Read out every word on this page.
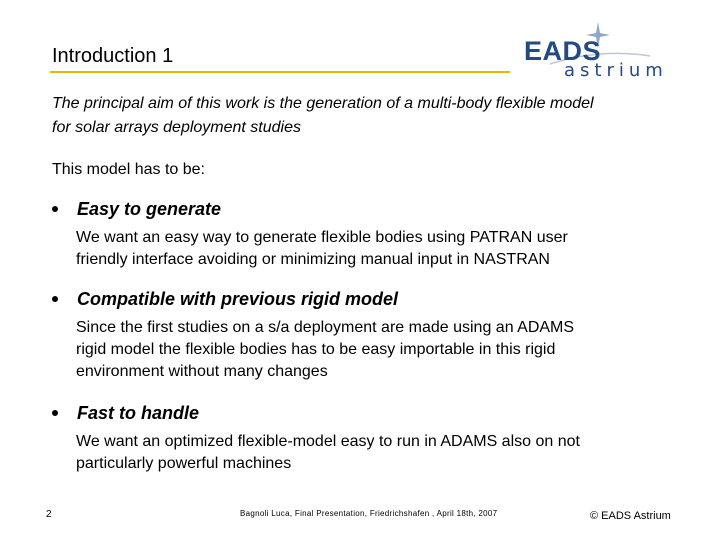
Introduction 1	EADS
astrium
The principal aim of this work is the generation of a multi-body flexible model
for solar arrays deployment studies
This model has to be:
Easy to generate
We want an easy way to generate flexible bodies using PATRAN user
friendly interface avoiding or minimizing manual input in NASTRAN
Compatible with previous rigid model
Since the first studies on a s/a deployment are made using an ADAMS
rigid model the flexible bodies has to be easy importable in this rigid
environment without many changes
Fast to handle
We want an optimized flexible-model easy to run in ADAMS also on not
particularly powerful machines
2	Bagnoli Luca, Final Presentation, Friedrichshafen , April 18th, 2007	© EADS Astrium
